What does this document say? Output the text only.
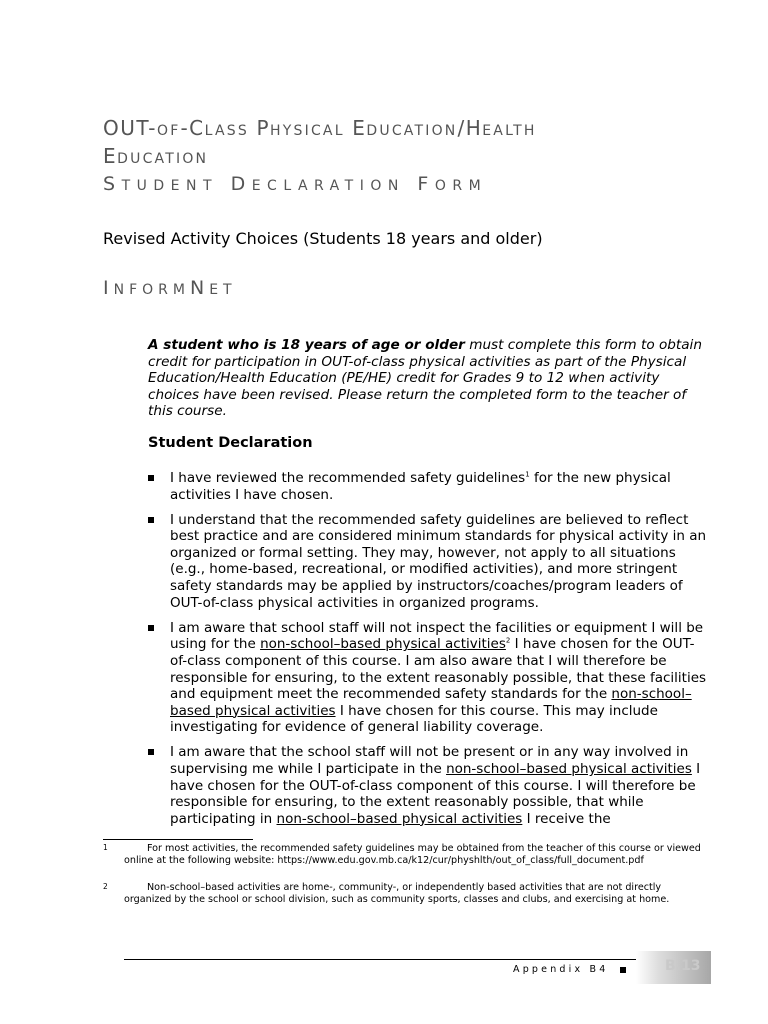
OUT-OF-CLASS PHYSICAL EDUCATION/HEALTH
EDUCATION
STUDENT DECLARATION FORM
Revised Activity Choices (Students 18 years and older)
INFORMNET

A student who is 18 years of age or older must complete this form to obtain credit for participation in OUT-of-class physical activities as part of the Physical Education/Health Education (PE/HE) credit for Grades 9 to 12 when activity choices have been revised. Please return the completed form to the teacher of this course.

Student Declaration
I have reviewed the recommended safety guidelines$^1$ for the new physical activities I have chosen.
I understand that the recommended safety guidelines are believed to reflect best practice and are considered minimum standards for physical activity in an organized or formal setting. They may, however, not apply to all situations (e.g., home-based, recreational, or modified activities), and more stringent safety standards may be applied by instructors/coaches/program leaders of OUT-of-class physical activities in organized programs.
I am aware that school staff will not inspect the facilities or equipment I will be using for the non-school–based physical activities$^2$ I have chosen for the OUT-of-class component of this course. I am also aware that I will therefore be responsible for ensuring, to the extent reasonably possible, that these facilities and equipment meet the recommended safety standards for the non-school–based physical activities I have chosen for this course. This may include investigating for evidence of general liability coverage.
I am aware that the school staff will not be present or in any way involved in supervising me while I participate in the non-school–based physical activities I have chosen for the OUT-of-class component of this course. I will therefore be responsible for ensuring, to the extent reasonably possible, that while participating in non-school–based physical activities I receive the
1	For most activities, the recommended safety guidelines may be obtained from the teacher of this course or viewed online at the following website: https://www.edu.gov.mb.ca/k12/cur/physhlth/out_of_class/full_document.pdf
2	Non-school–based activities are home-, community-, or independently based activities that are not directly organized by the school or school division, such as community sports, classes and clubs, and exercising at home.
Appendix B4	B.13
